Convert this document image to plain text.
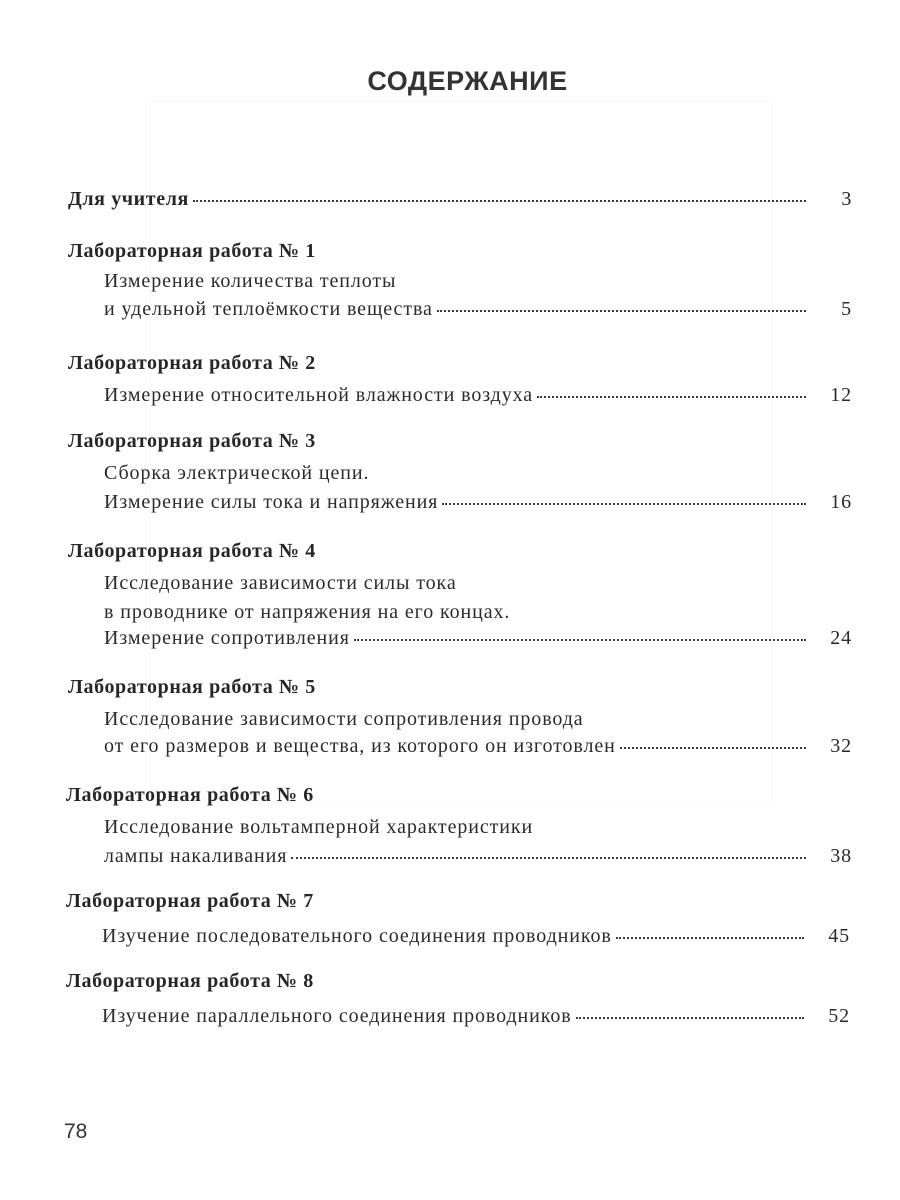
СОДЕРЖАНИЕ
Для учителя	3
Лабораторная работа № 1
Измерение количества теплоты
и удельной теплоёмкости вещества	5
Лабораторная работа № 2
Измерение относительной влажности воздуха	12
Лабораторная работа № 3
Сборка электрической цепи.
Измерение силы тока и напряжения	16
Лабораторная работа № 4
Исследование зависимости силы тока
в проводнике от напряжения на его концах.
Измерение сопротивления	24
Лабораторная работа № 5
Исследование зависимости сопротивления провода
от его размеров и вещества, из которого он изготовлен	32
Лабораторная работа № 6
Исследование вольтамперной характеристики
лампы накаливания	38
Лабораторная работа № 7
Изучение последовательного соединения проводников	45
Лабораторная работа № 8
Изучение параллельного соединения проводников	52
78
